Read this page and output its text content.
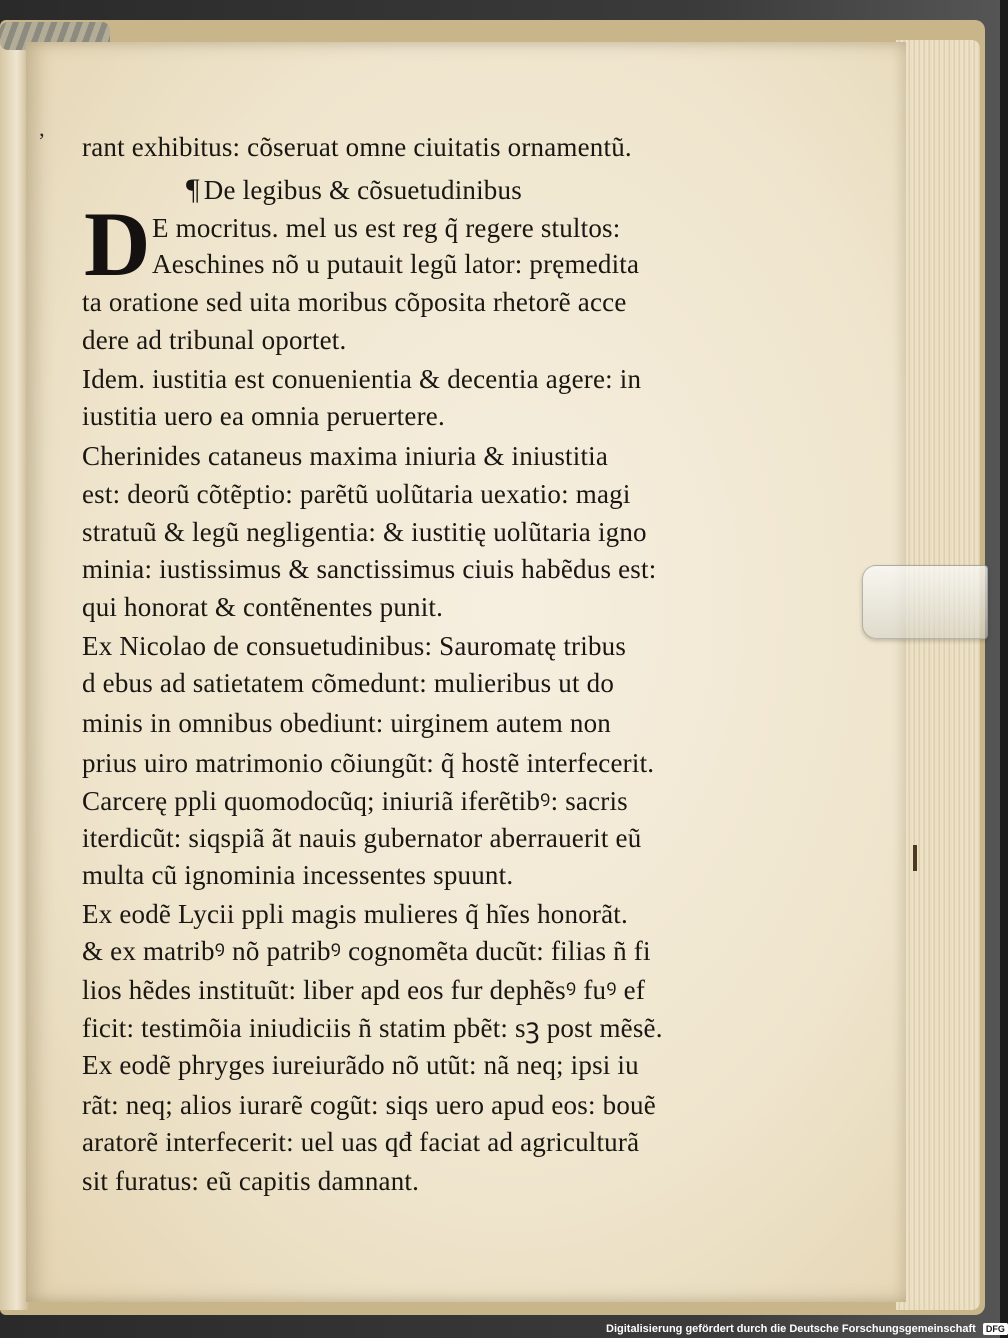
’
D
rant exhibitus: cõseruat omne ciuitatis ornamentũ.
¶ De legibus & cõsuetudinibus
E mocritus. mel us est reg q̃ regere stultos:
Aeschines nõ u putauit legũ lator: pręmedita
ta oratione sed uita moribus cõposita rhetorẽ acce
dere ad tribunal oportet.
Idem. iustitia est conuenientia & decentia agere: in
iustitia uero ea omnia peruertere.
Cherinides cataneus maxima iniuria & iniustitia
est: deorũ cõtẽptio: parẽtũ uolũtaria uexatio: magi
stratuũ & legũ negligentia: & iustitię uolũtaria igno
minia: iustissimus & sanctissimus ciuis habẽdus est:
qui honorat & contẽnentes punit.
Ex Nicolao de consuetudinibus: Sauromatę tribus
d ebus ad satietatem cõmedunt: mulieribus ut do
minis in omnibus obediunt: uirginem autem non
prius uiro matrimonio cõiungũt: q̃ hostẽ interfecerit.
Carcerę ppli quomodocũq; iniuriã iferẽtibꝰ: sacris
iterdicũt: siqspiã ãt nauis gubernator aberrauerit eũ
multa cũ ignominia incessentes spuunt.
Ex eodẽ Lycii ppli magis mulieres q̃ hĩes honorãt.
& ex matribꝰ nõ patribꝰ cognomẽta ducũt: filias ñ fi
lios hẽdes instituũt: liber apd eos fur dephẽsꝰ fuꝰ ef
ficit: testimõia iniudiciis ñ statim pbẽt: sꝫ post mẽsẽ.
Ex eodẽ phryges iureiurãdo nõ utũt: nã neq; ipsi iu
rãt: neq; alios iurarẽ cogũt: siqs uero apud eos: bouẽ
aratorẽ interfecerit: uel uas qđ faciat ad agriculturã
sit furatus: eũ capitis damnant.
Digitalisierung gefördert durch die Deutsche Forschungsgemeinschaft DFG
